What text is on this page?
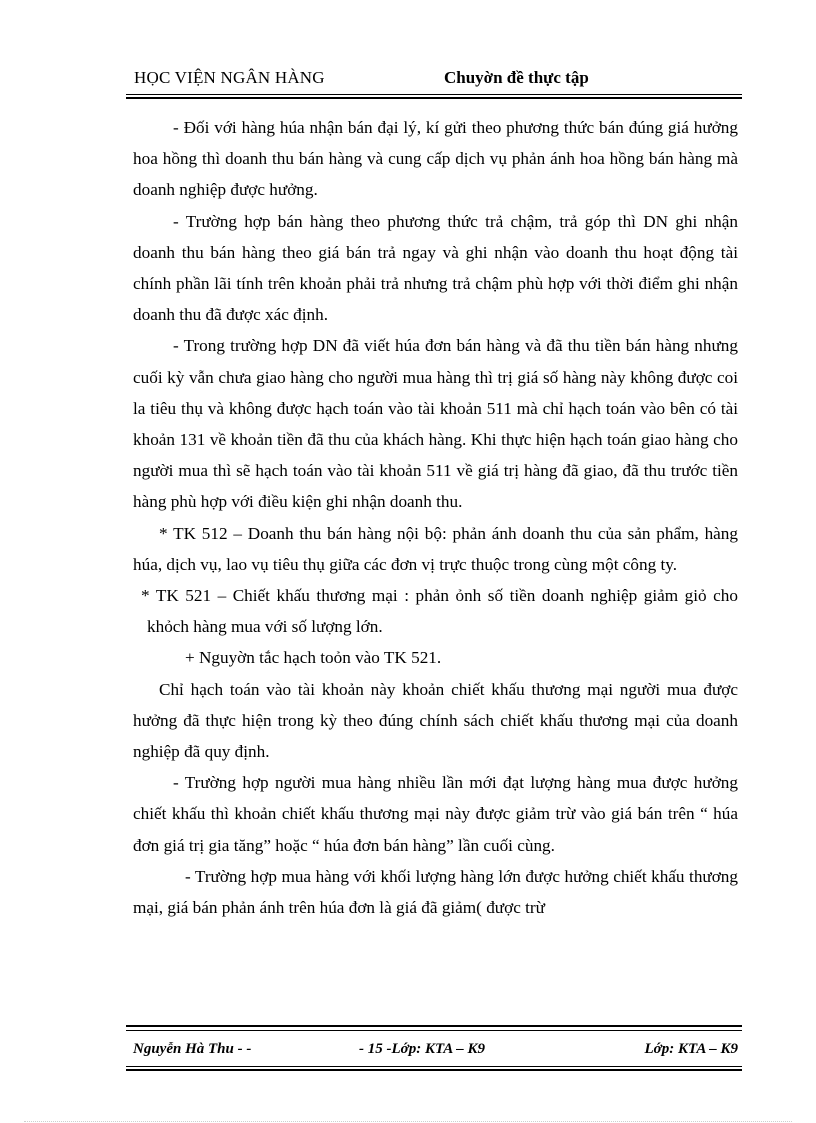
HỌC VIỆN NGÂN HÀNG	Chuyờn đề thực tập

- Đối với hàng húa nhận bán đại lý, kí gửi theo phương thức bán đúng giá hưởng hoa hồng thì doanh thu bán hàng và cung cấp dịch vụ phản ánh hoa hồng bán hàng mà doanh nghiệp được hưởng.

- Trường hợp bán hàng theo phương thức trả chậm, trả góp thì DN ghi nhận doanh thu bán hàng theo giá bán trả ngay và ghi nhận vào doanh thu hoạt động tài chính phần lãi tính trên khoản phải trả nhưng trả chậm phù hợp với thời điểm ghi nhận doanh thu đã được xác định.

- Trong trường hợp DN đã viết húa đơn bán hàng và đã thu tiền bán hàng nhưng cuối kỳ vẫn chưa giao hàng cho người mua hàng thì trị giá số hàng này không được coi la tiêu thụ và không được hạch toán vào tài khoản 511 mà chỉ hạch toán vào bên có tài khoản 131 về khoản tiền đã thu của khách hàng. Khi thực hiện hạch toán giao hàng cho người mua thì sẽ hạch toán vào tài khoản 511 về giá trị hàng đã giao, đã thu trước tiền hàng phù hợp với điều kiện ghi nhận doanh thu.

* TK 512 – Doanh thu bán hàng nội bộ: phản ánh doanh thu của sản phẩm, hàng húa, dịch vụ, lao vụ tiêu thụ giữa các đơn vị trực thuộc trong cùng một công ty.

* TK 521 – Chiết khấu thương mại : phản ỏnh số tiền doanh nghiệp giảm giỏ cho khỏch hàng mua với số lượng lớn.

+ Nguyờn tắc hạch toỏn vào TK 521.

Chỉ hạch toán vào tài khoản này khoản chiết khấu thương mại người mua được hưởng đã thực hiện trong kỳ theo đúng chính sách chiết khấu thương mại của doanh nghiệp đã quy định.

- Trường hợp người mua hàng nhiều lần mới đạt lượng hàng mua được hưởng chiết khấu thì khoản chiết khấu thương mại này được giảm trừ vào giá bán trên “ húa đơn giá trị gia tăng” hoặc “ húa đơn bán hàng” lần cuối cùng.

- Trường hợp mua hàng với khối lượng hàng lớn được hưởng chiết khấu thương mại, giá bán phản ánh trên húa đơn là giá đã giảm( được trừ

Nguyễn Hà Thu - -	- 15 -Lớp: KTA – K9	Lớp: KTA – K9
